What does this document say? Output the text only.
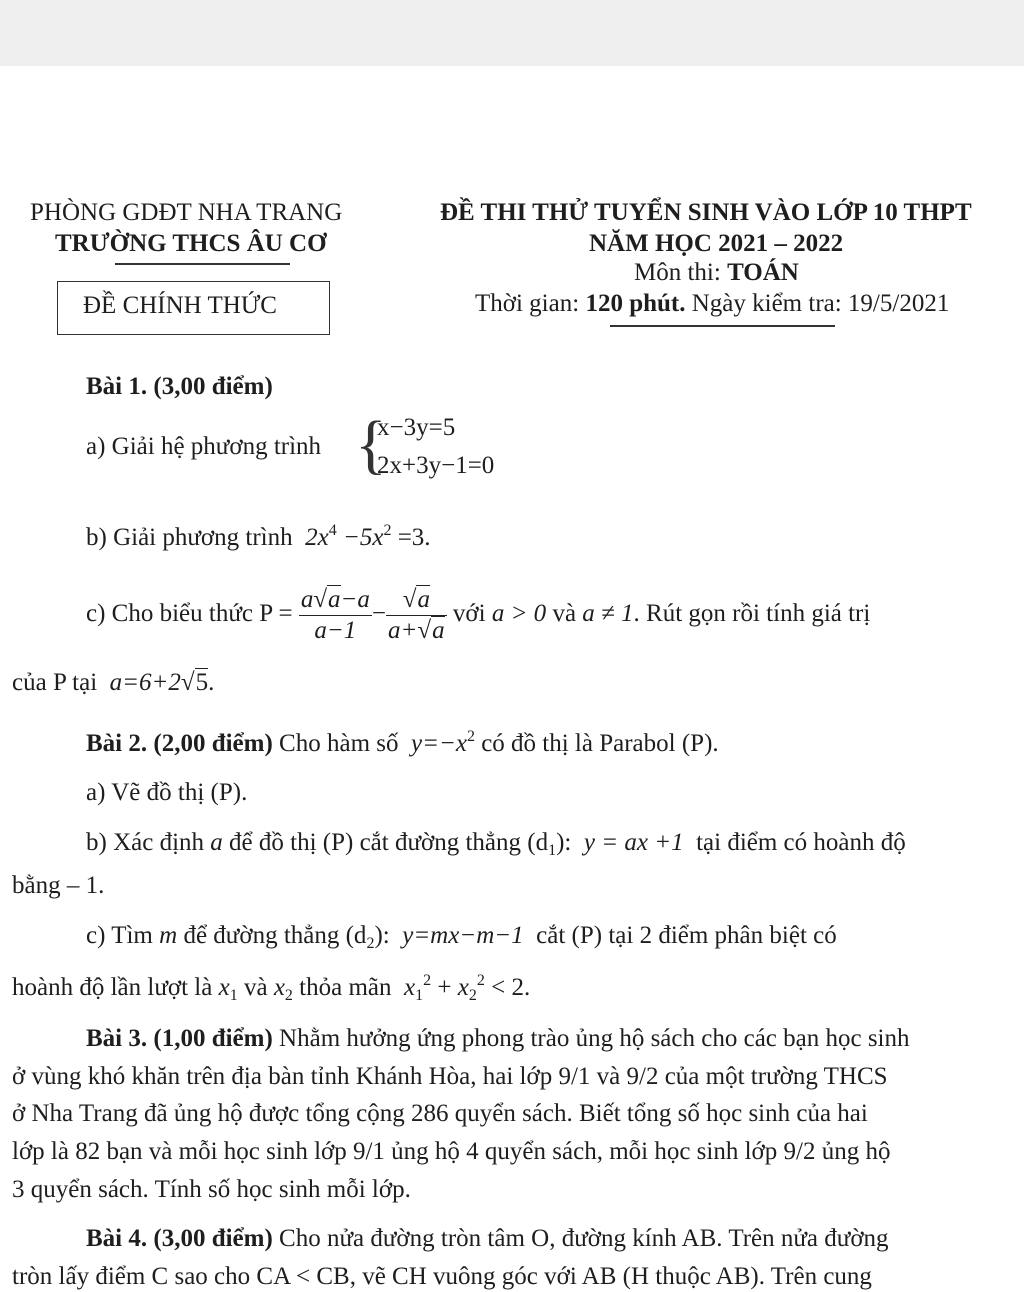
PHÒNG GDĐT NHA TRANG
TRƯỜNG THCS ÂU CƠ
ĐỀ CHÍNH THỨC
ĐỀ THI THỬ TUYỂN SINH VÀO LỚP 10 THPT
NĂM HỌC 2021 – 2022
Môn thi: TOÁN
Thời gian: 120 phút. Ngày kiểm tra: 19/5/2021
Bài 1. (3,00 điểm)
a) Giải hệ phương trình {
x−3y=5
2x+3y−1=0
b) Giải phương trình $2x^4 -5x^2 =3$.
c) Cho biểu thức $P = \frac{a√a-a}{a-1} - \frac{√a}{a+√a}$ với a > 0 và a ≠ 1. Rút gọn rồi tính giá trị
của P tại a=6+2√5.
Bài 2. (2,00 điểm) Cho hàm số $y=-x^2$ có đồ thị là Parabol (P).
a) Vẽ đồ thị (P).
b) Xác định a để đồ thị (P) cắt đường thẳng $(d_1)$: y = ax +1 tại điểm có hoành độ
bằng – 1.
c) Tìm m để đường thẳng $(d_2)$: y=mx−m−1 cắt (P) tại 2 điểm phân biệt có
hoành độ lần lượt là $x_1$ và $x_2$ thỏa mãn $x_1^2 + x_2^2 < 2$.
Bài 3. (1,00 điểm) Nhằm hưởng ứng phong trào ủng hộ sách cho các bạn học sinh
ở vùng khó khăn trên địa bàn tỉnh Khánh Hòa, hai lớp 9/1 và 9/2 của một trường THCS
ở Nha Trang đã ủng hộ được tổng cộng 286 quyển sách. Biết tổng số học sinh của hai
lớp là 82 bạn và mỗi học sinh lớp 9/1 ủng hộ 4 quyển sách, mỗi học sinh lớp 9/2 ủng hộ
3 quyển sách. Tính số học sinh mỗi lớp.
Bài 4. (3,00 điểm) Cho nửa đường tròn tâm O, đường kính AB. Trên nửa đường
tròn lấy điểm C sao cho CA < CB, vẽ CH vuông góc với AB (H thuộc AB). Trên cung
